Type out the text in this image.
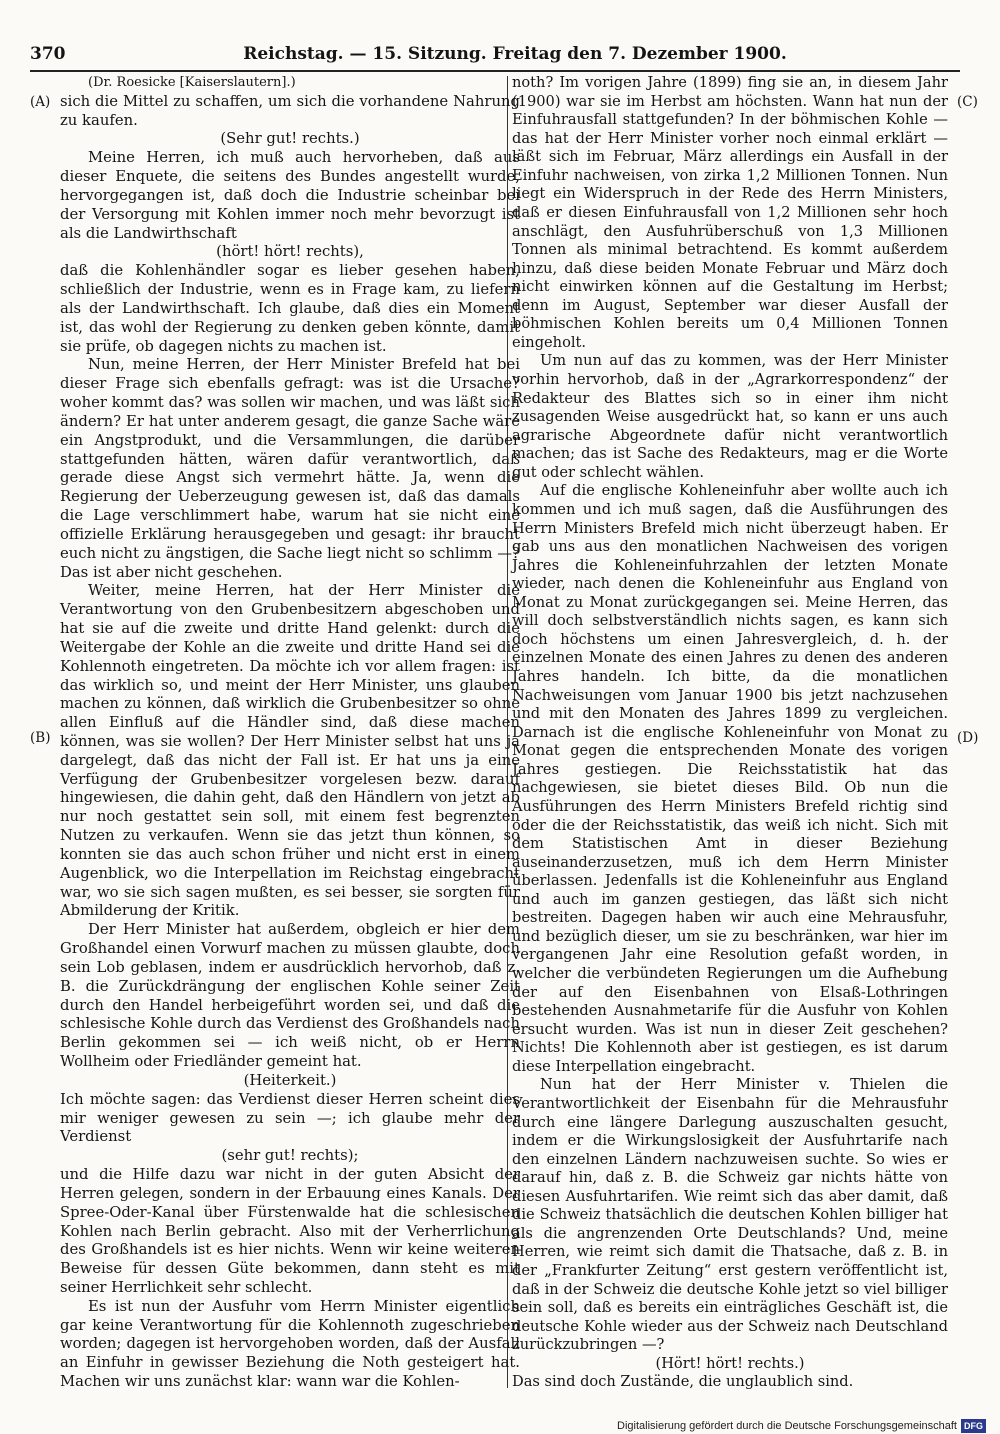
370	Reichstag. — 15. Sitzung. Freitag den 7. Dezember 1900.
(A)
(B)
(C)
(D)

(Dr. Roesicke [Kaiserslautern].)

sich die Mittel zu schaffen, um sich die vorhandene Nahrung zu kaufen.

(Sehr gut! rechts.)

Meine Herren, ich muß auch hervorheben, daß aus dieser Enquete, die seitens des Bundes angestellt wurde, hervorgegangen ist, daß doch die Industrie scheinbar bei der Versorgung mit Kohlen immer noch mehr bevorzugt ist als die Landwirthschaft

(hört! hört! rechts),

daß die Kohlenhändler sogar es lieber gesehen haben, schließlich der Industrie, wenn es in Frage kam, zu liefern als der Landwirthschaft. Ich glaube, daß dies ein Moment ist, das wohl der Regierung zu denken geben könnte, damit sie prüfe, ob dagegen nichts zu machen ist.

Nun, meine Herren, der Herr Minister Brefeld hat bei dieser Frage sich ebenfalls gefragt: was ist die Ursache? woher kommt das? was sollen wir machen, und was läßt sich ändern? Er hat unter anderem gesagt, die ganze Sache wäre ein Angstprodukt, und die Versammlungen, die darüber stattgefunden hätten, wären dafür verantwortlich, daß gerade diese Angst sich vermehrt hätte. Ja, wenn die Regierung der Ueberzeugung gewesen ist, daß das damals die Lage verschlimmert habe, warum hat sie nicht eine offizielle Erklärung herausgegeben und gesagt: ihr braucht euch nicht zu ängstigen, die Sache liegt nicht so schlimm —? Das ist aber nicht geschehen.

Weiter, meine Herren, hat der Herr Minister die Verantwortung von den Grubenbesitzern abgeschoben und hat sie auf die zweite und dritte Hand gelenkt: durch die Weitergabe der Kohle an die zweite und dritte Hand sei die Kohlennoth eingetreten. Da möchte ich vor allem fragen: ist das wirklich so, und meint der Herr Minister, uns glauben machen zu können, daß wirklich die Grubenbesitzer so ohne allen Einfluß auf die Händler sind, daß diese machen können, was sie wollen? Der Herr Minister selbst hat uns ja dargelegt, daß das nicht der Fall ist. Er hat uns ja eine Verfügung der Grubenbesitzer vorgelesen bezw. darauf hingewiesen, die dahin geht, daß den Händlern von jetzt ab nur noch gestattet sein soll, mit einem fest begrenzten Nutzen zu verkaufen. Wenn sie das jetzt thun können, so konnten sie das auch schon früher und nicht erst in einem Augenblick, wo die Interpellation im Reichstag eingebracht war, wo sie sich sagen mußten, es sei besser, sie sorgten für Abmilderung der Kritik.

Der Herr Minister hat außerdem, obgleich er hier dem Großhandel einen Vorwurf machen zu müssen glaubte, doch sein Lob geblasen, indem er ausdrücklich hervorhob, daß z. B. die Zurückdrängung der englischen Kohle seiner Zeit durch den Handel herbeigeführt worden sei, und daß die schlesische Kohle durch das Verdienst des Großhandels nach Berlin gekommen sei — ich weiß nicht, ob er Herrn Wollheim oder Friedländer gemeint hat.

(Heiterkeit.)

Ich möchte sagen: das Verdienst dieser Herren scheint dies mir weniger gewesen zu sein —; ich glaube mehr der Verdienst

(sehr gut! rechts);

und die Hilfe dazu war nicht in der guten Absicht der Herren gelegen, sondern in der Erbauung eines Kanals. Der Spree-Oder-Kanal über Fürstenwalde hat die schlesischen Kohlen nach Berlin gebracht. Also mit der Verherrlichung des Großhandels ist es hier nichts. Wenn wir keine weiteren Beweise für dessen Güte bekommen, dann steht es mit seiner Herrlichkeit sehr schlecht.

Es ist nun der Ausfuhr vom Herrn Minister eigentlich gar keine Verantwortung für die Kohlennoth zugeschrieben worden; dagegen ist hervorgehoben worden, daß der Ausfall an Einfuhr in gewisser Beziehung die Noth gesteigert hat. Machen wir uns zunächst klar: wann war die Kohlen-

noth? Im vorigen Jahre (1899) fing sie an, in diesem Jahr (1900) war sie im Herbst am höchsten. Wann hat nun der Einfuhrausfall stattgefunden? In der böhmischen Kohle — das hat der Herr Minister vorher noch einmal erklärt — läßt sich im Februar, März allerdings ein Ausfall in der Einfuhr nachweisen, von zirka 1,2 Millionen Tonnen. Nun liegt ein Widerspruch in der Rede des Herrn Ministers, daß er diesen Einfuhrausfall von 1,2 Millionen sehr hoch anschlägt, den Ausfuhrüberschuß von 1,3 Millionen Tonnen als minimal betrachtend. Es kommt außerdem hinzu, daß diese beiden Monate Februar und März doch nicht einwirken können auf die Gestaltung im Herbst; denn im August, September war dieser Ausfall der böhmischen Kohlen bereits um 0,4 Millionen Tonnen eingeholt.

Um nun auf das zu kommen, was der Herr Minister vorhin hervorhob, daß in der „Agrarkorrespondenz“ der Redakteur des Blattes sich so in einer ihm nicht zusagenden Weise ausgedrückt hat, so kann er uns auch agrarische Abgeordnete dafür nicht verantwortlich machen; das ist Sache des Redakteurs, mag er die Worte gut oder schlecht wählen.

Auf die englische Kohleneinfuhr aber wollte auch ich kommen und ich muß sagen, daß die Ausführungen des Herrn Ministers Brefeld mich nicht überzeugt haben. Er gab uns aus den monatlichen Nachweisen des vorigen Jahres die Kohleneinfuhrzahlen der letzten Monate wieder, nach denen die Kohleneinfuhr aus England von Monat zu Monat zurückgegangen sei. Meine Herren, das will doch selbstverständlich nichts sagen, es kann sich doch höchstens um einen Jahresvergleich, d. h. der einzelnen Monate des einen Jahres zu denen des anderen Jahres handeln. Ich bitte, da die monatlichen Nachweisungen vom Januar 1900 bis jetzt nachzusehen und mit den Monaten des Jahres 1899 zu vergleichen. Darnach ist die englische Kohleneinfuhr von Monat zu Monat gegen die entsprechenden Monate des vorigen Jahres gestiegen. Die Reichsstatistik hat das nachgewiesen, sie bietet dieses Bild. Ob nun die Ausführungen des Herrn Ministers Brefeld richtig sind oder die der Reichsstatistik, das weiß ich nicht. Sich mit dem Statistischen Amt in dieser Beziehung auseinanderzusetzen, muß ich dem Herrn Minister überlassen. Jedenfalls ist die Kohleneinfuhr aus England und auch im ganzen gestiegen, das läßt sich nicht bestreiten. Dagegen haben wir auch eine Mehrausfuhr, und bezüglich dieser, um sie zu beschränken, war hier im vergangenen Jahr eine Resolution gefaßt worden, in welcher die verbündeten Regierungen um die Aufhebung der auf den Eisenbahnen von Elsaß-Lothringen bestehenden Ausnahmetarife für die Ausfuhr von Kohlen ersucht wurden. Was ist nun in dieser Zeit geschehen? Nichts! Die Kohlennoth aber ist gestiegen, es ist darum diese Interpellation eingebracht.

Nun hat der Herr Minister v. Thielen die Verantwortlichkeit der Eisenbahn für die Mehrausfuhr durch eine längere Darlegung auszuschalten gesucht, indem er die Wirkungslosigkeit der Ausfuhrtarife nach den einzelnen Ländern nachzuweisen suchte. So wies er darauf hin, daß z. B. die Schweiz gar nichts hätte von diesen Ausfuhrtarifen. Wie reimt sich das aber damit, daß die Schweiz thatsächlich die deutschen Kohlen billiger hat als die angrenzenden Orte Deutschlands? Und, meine Herren, wie reimt sich damit die Thatsache, daß z. B. in der „Frankfurter Zeitung“ erst gestern veröffentlicht ist, daß in der Schweiz die deutsche Kohle jetzt so viel billiger sein soll, daß es bereits ein einträgliches Geschäft ist, die deutsche Kohle wieder aus der Schweiz nach Deutschland zurückzubringen —?

(Hört! hört! rechts.)

Das sind doch Zustände, die unglaublich sind.

Digitalisierung gefördert durch die Deutsche Forschungsgemeinschaft DFG
